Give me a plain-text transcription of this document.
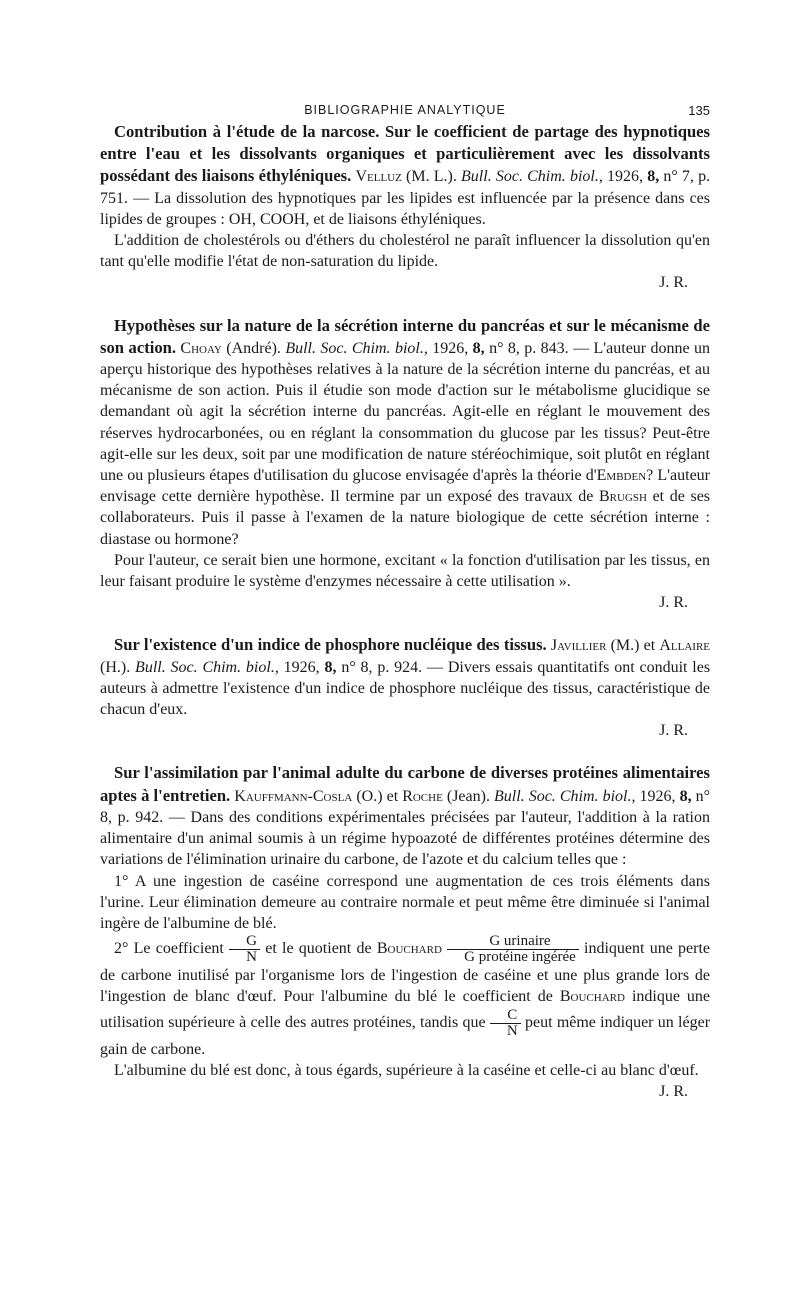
BIBLIOGRAPHIE ANALYTIQUE	135

Contribution à l'étude de la narcose. Sur le coefficient de partage des hypnotiques entre l'eau et les dissolvants organiques et particulièrement avec les dissolvants possédant des liaisons éthyléniques. Velluz (M. L.). Bull. Soc. Chim. biol., 1926, 8, n° 7, p. 751. — La dissolution des hypnotiques par les lipides est influencée par la présence dans ces lipides de groupes : OH, COOH, et de liaisons éthyléniques.

L'addition de cholestérols ou d'éthers du cholestérol ne paraît influencer la dissolution qu'en tant qu'elle modifie l'état de non-saturation du lipide.

J. R.

Hypothèses sur la nature de la sécrétion interne du pancréas et sur le mécanisme de son action. Choay (André). Bull. Soc. Chim. biol., 1926, 8, n° 8, p. 843. — L'auteur donne un aperçu historique des hypothèses relatives à la nature de la sécrétion interne du pancréas, et au mécanisme de son action. Puis il étudie son mode d'action sur le métabolisme glucidique se demandant où agit la sécrétion interne du pancréas. Agit-elle en réglant le mouvement des réserves hydrocarbonées, ou en réglant la consommation du glucose par les tissus? Peut-être agit-elle sur les deux, soit par une modification de nature stéréochimique, soit plutôt en réglant une ou plusieurs étapes d'utilisation du glucose envisagée d'après la théorie d'Embden? L'auteur envisage cette dernière hypothèse. Il termine par un exposé des travaux de Brugsh et de ses collaborateurs. Puis il passe à l'examen de la nature biologique de cette sécrétion interne : diastase ou hormone?

Pour l'auteur, ce serait bien une hormone, excitant « la fonction d'utilisation par les tissus, en leur faisant produire le système d'enzymes nécessaire à cette utilisation ».

J. R.

Sur l'existence d'un indice de phosphore nucléique des tissus. Javillier (M.) et Allaire (H.). Bull. Soc. Chim. biol., 1926, 8, n° 8, p. 924. — Divers essais quantitatifs ont conduit les auteurs à admettre l'existence d'un indice de phosphore nucléique des tissus, caractéristique de chacun d'eux.

J. R.

Sur l'assimilation par l'animal adulte du carbone de diverses protéines alimentaires aptes à l'entretien. Kauffmann-Cosla (O.) et Roche (Jean). Bull. Soc. Chim. biol., 1926, 8, n° 8, p. 942. — Dans des conditions expérimentales précisées par l'auteur, l'addition à la ration alimentaire d'un animal soumis à un régime hypoazoté de différentes protéines détermine des variations de l'élimination urinaire du carbone, de l'azote et du calcium telles que :

1° A une ingestion de caséine correspond une augmentation de ces trois éléments dans l'urine. Leur élimination demeure au contraire normale et peut même être diminuée si l'animal ingère de l'albumine de blé.

2° Le coefficient $\frac{G}{N}$ et le quotient de Bouchard $\frac{\text{G urinaire}}{\text{G protéine ingérée}}$ indiquent une perte de carbone inutilisé par l'organisme lors de l'ingestion de caséine et une plus grande lors de l'ingestion de blanc d'œuf. Pour l'albumine du blé le coefficient de Bouchard indique une utilisation supérieure à celle des autres protéines, tandis que $\frac{C}{N}$ peut même indiquer un léger gain de carbone.

L'albumine du blé est donc, à tous égards, supérieure à la caséine et celle-ci au blanc d'œuf.

J. R.
